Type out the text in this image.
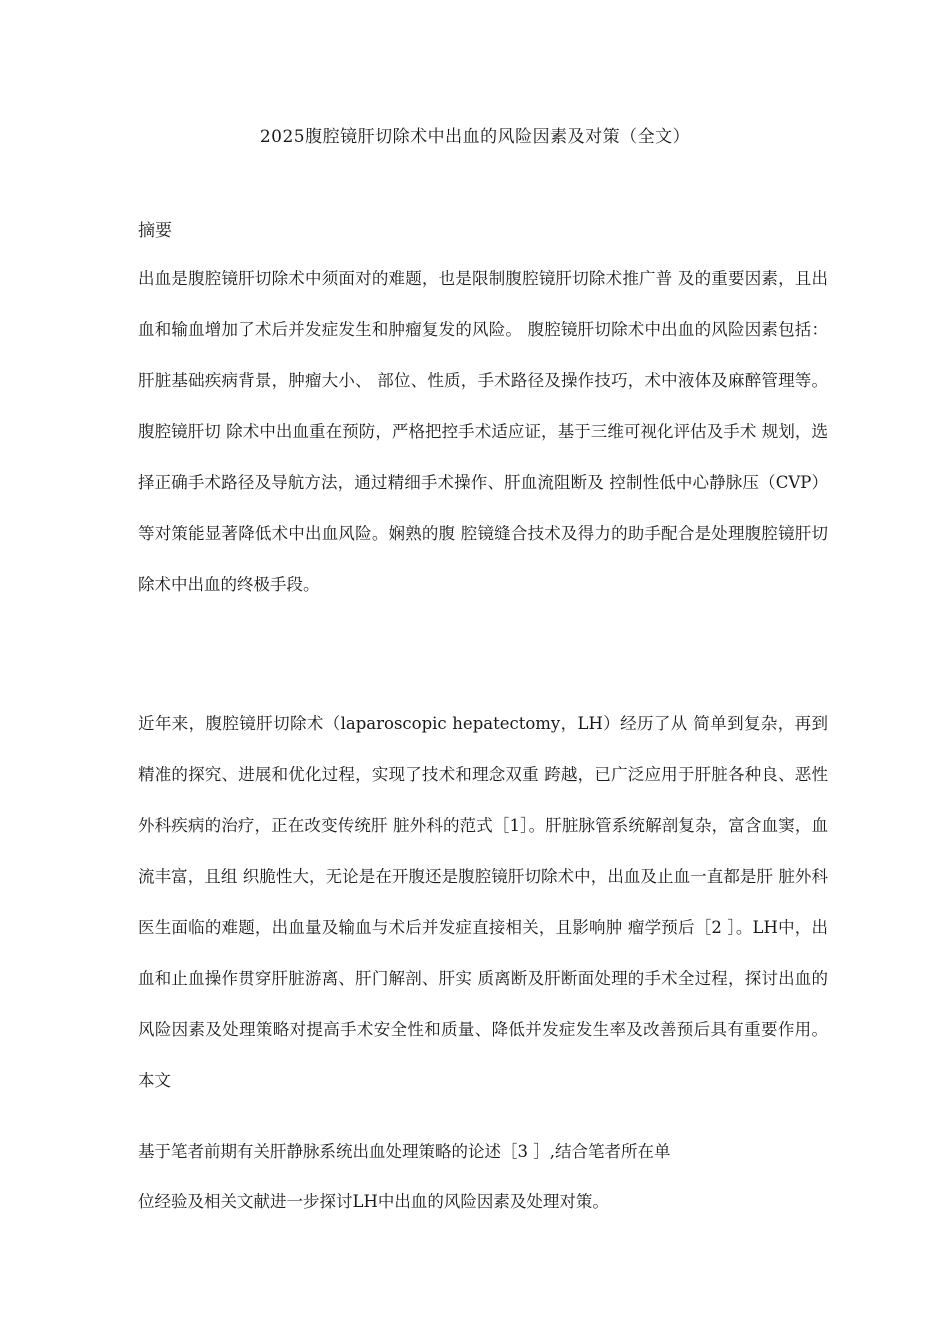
2025腹腔镜肝切除术中出血的风险因素及对策（全文）
摘要

出血是腹腔镜肝切除术中须面对的难题，也是限制腹腔镜肝切除术推广普 及的重要因素，且出血和输血增加了术后并发症发生和肿瘤复发的风险。 腹腔镜肝切除术中出血的风险因素包括：肝脏基础疾病背景，肿瘤大小、 部位、性质，手术路径及操作技巧，术中液体及麻醉管理等。腹腔镜肝切 除术中出血重在预防，严格把控手术适应证，基于三维可视化评估及手术 规划，选择正确手术路径及导航方法，通过精细手术操作、肝血流阻断及 控制性低中心静脉压（CVP）等对策能显著降低术中出血风险。娴熟的腹 腔镜缝合技术及得力的助手配合是处理腹腔镜肝切除术中出血的终极手段。

近年来，腹腔镜肝切除术（laparoscopic hepatectomy，LH）经历了从 简单到复杂，再到精准的探究、进展和优化过程，实现了技术和理念双重 跨越，已广泛应用于肝脏各种良、恶性外科疾病的治疗，正在改变传统肝 脏外科的范式［1］。肝脏脉管系统解剖复杂，富含血窦，血流丰富，且组 织脆性大，无论是在开腹还是腹腔镜肝切除术中，出血及止血一直都是肝 脏外科医生面临的难题，出血量及输血与术后并发症直接相关，且影响肿 瘤学预后［2 ］。LH中，出血和止血操作贯穿肝脏游离、肝门解剖、肝实 质离断及肝断面处理的手术全过程，探讨出血的风险因素及处理策略对提高手术安全性和质量、降低并发症发生率及改善预后具有重要作用。本文

基于笔者前期有关肝静脉系统出血处理策略的论述［3 ］,结合笔者所在单

位经验及相关文献进一步探讨LH中出血的风险因素及处理对策。
